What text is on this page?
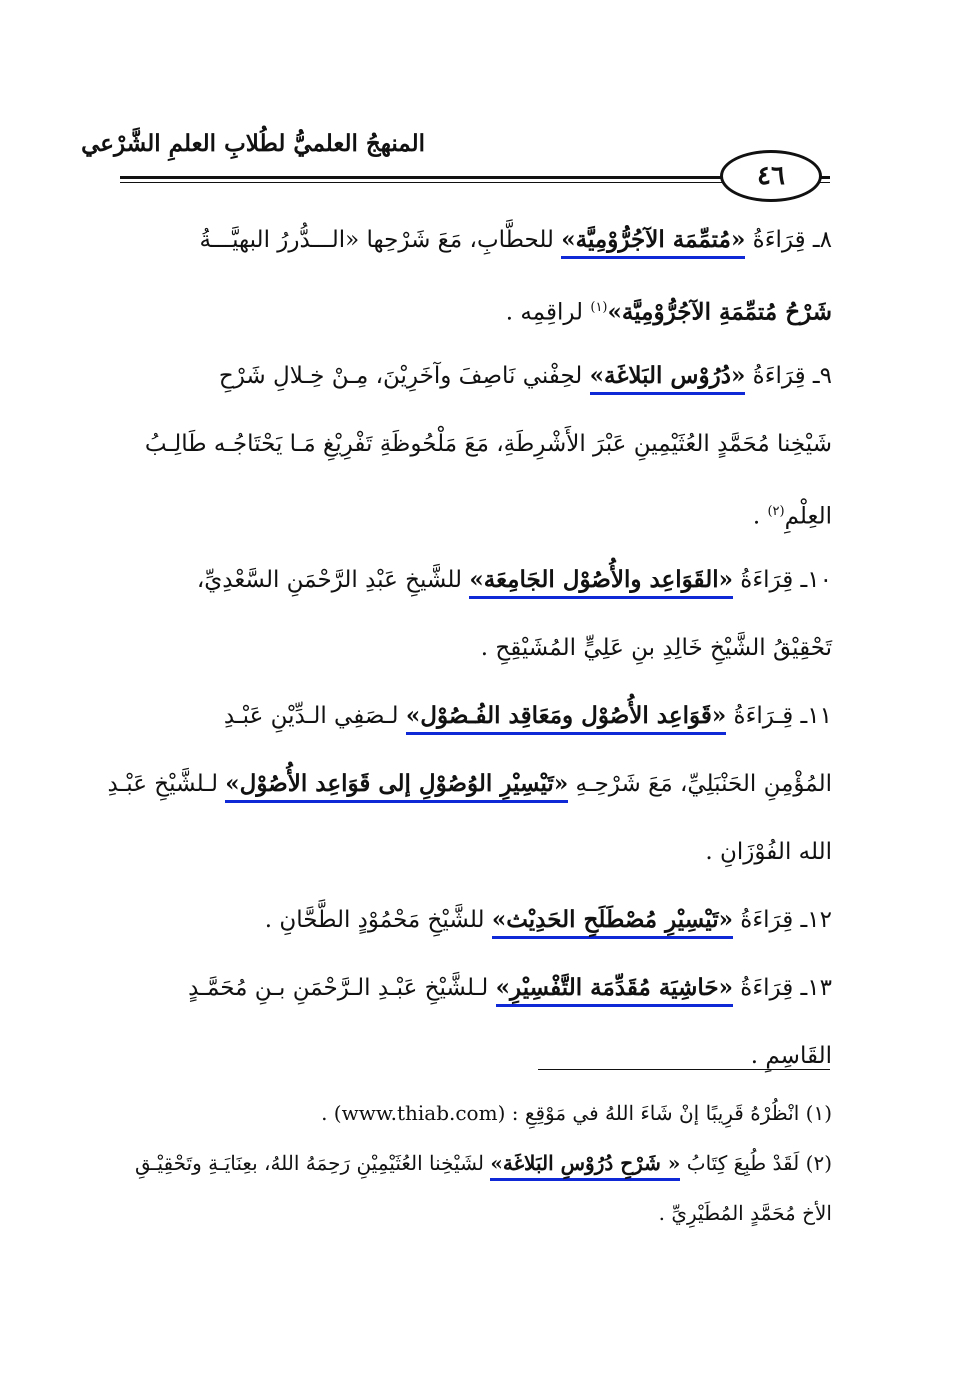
المنهجُ العلميُّ لطُلابِ العلمِ الشَّرْعي
٤٦
٨ـ قِرَاءَةُ «مُتمِّمَة الآجُرُّوْمِيَّة» للحطَّابِ، مَعَ شَرْحِها «الـــدُّررُ البهيَّـــةُ
شَرْحُ مُتمِّمَةِ الآجُرُّوْمِيَّة»$^{(١)}$ لراقِمِه .
٩ـ قِرَاءَةُ «دُرُوْس البَلاغَة» لحِفْني نَاصِفَ وآخَرِيْنَ، مِـنْ خِـلالِ شَرْحِ
شَيْخِنا مُحَمَّدٍ العُثَيْمِينِ عَبْرَ الأَشْرِطَةِ، مَعَ مَلْحُوظَةِ تَفْرِيْغِ مَـا يَحْتَاجُـه طَالِـبُ
العِلْمِ$^{(٢)}$ .
١٠ـ قِرَاءَةُ «القَوَاعِد والأُصُوْل الجَامِعَة» للشَّيخِ عَبْدِ الرَّحْمَنِ السَّعْدِيِّ،
تَحْقِيْقُ الشَّيْخِ خَالِدِ بنِ عَلِيٍّ المُشَيْقِحِ .
١١ـ قِـرَاءَةُ «قَوَاعِد الأُصُوْل ومَعَاقِد الفُـصُوْل» لـصَفِي الـدِّيْنِ عَبْـدِ
المُؤْمِنِ الحَنْبَلِيِّ، مَعَ شَرْحِـهِ «تَيْسِيْرِ الوُصُوْلِ إلى قَوَاعِد الأُصُوْل» لـلشَّيْخِ عَبْـدِ
الله الفُوْزَانِ .
١٢ـ قِرَاءَةُ «تَيْسِيْرِ مُصْطَلَحِ الحَدِيْث» للشَّيْخِ مَحْمُوْدٍ الطَّحَّانِ .
١٣ـ قِرَاءَةُ «حَاشِيَة مُقَدِّمَة التَّفْسِيْرِ» لـلشَّيْخِ عَبْـدِ الـرَّحْمَنِ بـنِ مُحَمَّـدٍ
القَاسِمِ .
(١) انْظُرْهُ قَرِيبًا إنْ شَاءَ اللهُ في مَوْقِعِ : (www.thiab.com) .
(٢) لَقَدْ طُبِعَ كِتَابُ « شَرْحِ دُرُوْسِ البَلاغَة» لشَيْخِنا العُثَيْمِيْنِ رَحِمَهُ اللهُ، بعِنَايَـةِ وتَحْقِيْـقِ
الأخ مُحَمَّدٍ المُطَيْرِيِّ .
